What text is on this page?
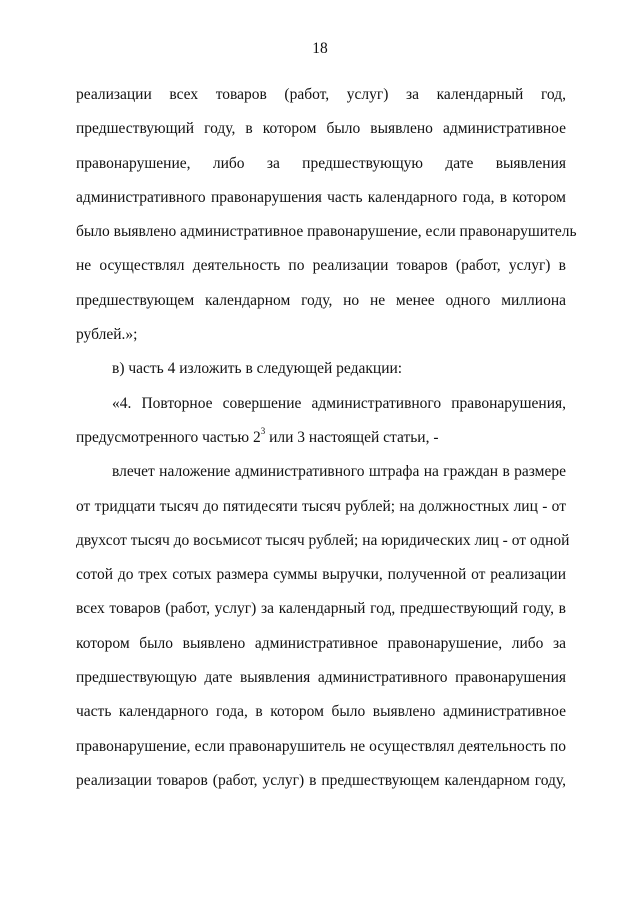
18
реализации всех товаров (работ, услуг) за календарный год,
предшествующий году, в котором было выявлено административное
правонарушение, либо за предшествующую дате выявления
административного правонарушения часть календарного года, в котором
было выявлено административное правонарушение, если правонарушитель
не осуществлял деятельность по реализации товаров (работ, услуг) в
предшествующем календарном году, но не менее одного миллиона
рублей.»;
в) часть 4 изложить в следующей редакции:
«4. Повторное совершение административного правонарушения,
предусмотренного частью $2^3$ или 3 настоящей статьи, -
влечет наложение административного штрафа на граждан в размере
от тридцати тысяч до пятидесяти тысяч рублей; на должностных лиц - от
двухсот тысяч до восьмисот тысяч рублей; на юридических лиц - от одной
сотой до трех сотых размера суммы выручки, полученной от реализации
всех товаров (работ, услуг) за календарный год, предшествующий году, в
котором было выявлено административное правонарушение, либо за
предшествующую дате выявления административного правонарушения
часть календарного года, в котором было выявлено административное
правонарушение, если правонарушитель не осуществлял деятельность по
реализации товаров (работ, услуг) в предшествующем календарном году,
